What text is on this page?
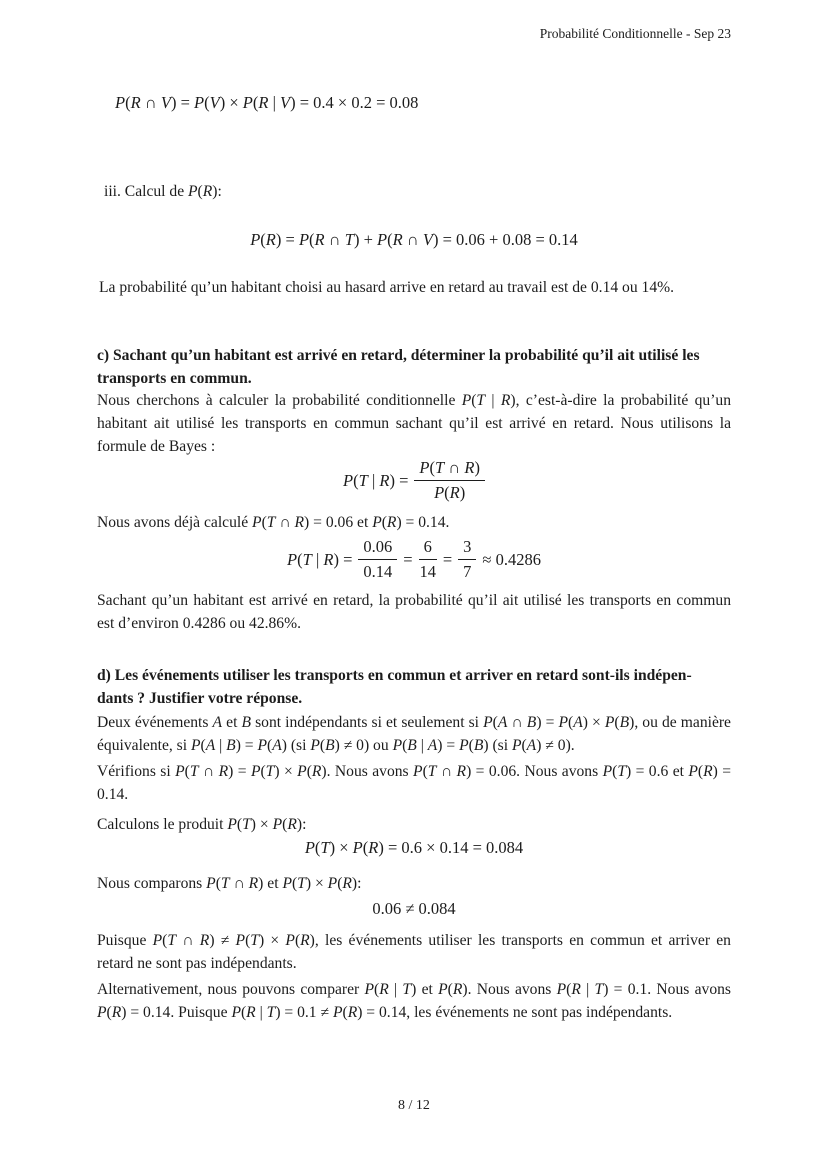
Probabilité Conditionnelle - Sep 23
P(R ∩ V) = P(V) × P(R | V) = 0.4 × 0.2 = 0.08
iii. Calcul de P(R):
P(R) = P(R ∩ T) + P(R ∩ V) = 0.06 + 0.08 = 0.14
La probabilité qu’un habitant choisi au hasard arrive en retard au travail est de 0.14 ou 14%.
c) Sachant qu’un habitant est arrivé en retard, déterminer la probabilité qu’il ait utilisé les
transports en commun.
Nous cherchons à calculer la probabilité conditionnelle P(T | R), c’est-à-dire la probabilité qu’un habitant ait utilisé les transports en commun sachant qu’il est arrivé en retard. Nous utilisons la formule de Bayes :
P(T | $R) = \frac{P(T \cap R)}{P(R)}$
Nous avons déjà calculé P(T ∩ R) = 0.06 et P(R) = 0.14.
P(T | $R) = \frac{0.06}{0.14} = \frac{6}{14} = \frac{3}{7} \approx 0.4286$
Sachant qu’un habitant est arrivé en retard, la probabilité qu’il ait utilisé les transports en commun est d’environ 0.4286 ou 42.86%.
d) Les événements utiliser les transports en commun et arriver en retard sont-ils indépen-
dants ? Justifier votre réponse.
Deux événements A et B sont indépendants si et seulement si P(A ∩ B) = P(A) × P(B), ou de manière équivalente, si P(A | B) = P(A) (si P(B) ≠ 0) ou P(B | A) = P(B) (si P(A) ≠ 0).
Vérifions si P(T ∩ R) = P(T) × P(R). Nous avons P(T ∩ R) = 0.06. Nous avons P(T) = 0.6 et P(R) = 0.14.
Calculons le produit P(T) × P(R):
P(T) × P(R) = 0.6 × 0.14 = 0.084
Nous comparons P(T ∩ R) et P(T) × P(R):
0.06 ≠ 0.084
Puisque P(T ∩ R) ≠ P(T) × P(R), les événements utiliser les transports en commun et arriver en retard ne sont pas indépendants.
Alternativement, nous pouvons comparer P(R | T) et P(R). Nous avons P(R | T) = 0.1. Nous avons P(R) = 0.14. Puisque P(R | T) = 0.1 ≠ P(R) = 0.14, les événements ne sont pas indépendants.
8 / 12
